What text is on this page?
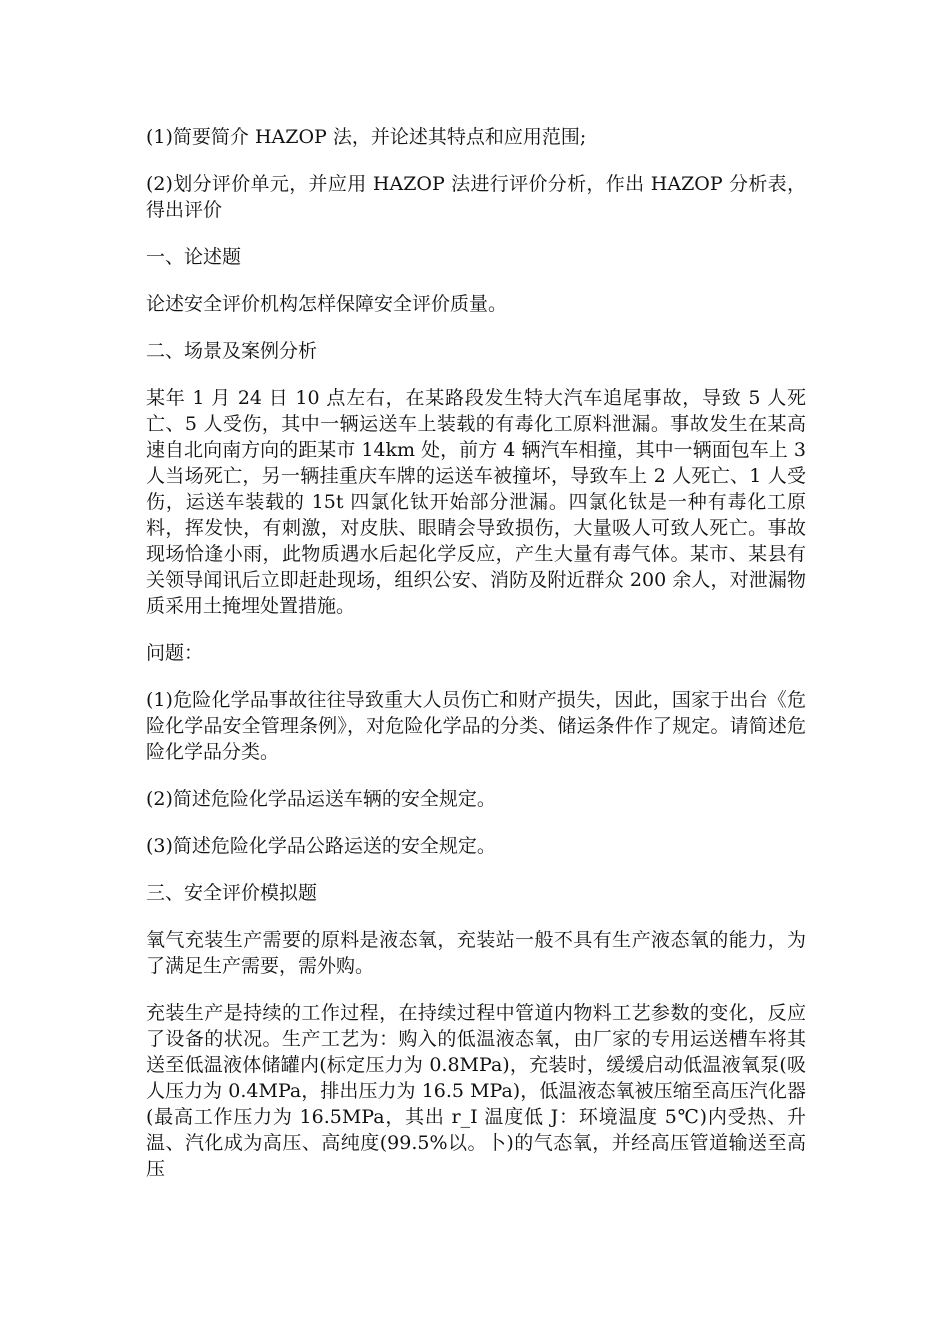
(1)简要简介 HAZOP 法，并论述其特点和应用范围;

(2)划分评价单元，并应用 HAZOP 法进行评价分析，作出 HAZOP 分析表，得出评价

一、论述题

论述安全评价机构怎样保障安全评价质量。

二、场景及案例分析

某年 1 月 24 日 10 点左右，在某路段发生特大汽车追尾事故，导致 5 人死亡、5 人受伤，其中一辆运送车上装载的有毒化工原料泄漏。事故发生在某高速自北向南方向的距某市 14km 处，前方 4 辆汽车相撞，其中一辆面包车上 3 人当场死亡，另一辆挂重庆车牌的运送车被撞坏，导致车上 2 人死亡、1 人受伤，运送车装载的 15t 四氯化钛开始部分泄漏。四氯化钛是一种有毒化工原料，挥发快，有刺激，对皮肤、眼睛会导致损伤，大量吸人可致人死亡。事故现场恰逢小雨，此物质遇水后起化学反应，产生大量有毒气体。某市、某县有关领导闻讯后立即赶赴现场，组织公安、消防及附近群众 200 余人，对泄漏物质采用土掩埋处置措施。

问题：

(1)危险化学品事故往往导致重大人员伤亡和财产损失，因此，国家于出台《危险化学品安全管理条例》，对危险化学品的分类、储运条件作了规定。请简述危险化学品分类。

(2)简述危险化学品运送车辆的安全规定。

(3)简述危险化学品公路运送的安全规定。

三、安全评价模拟题

氧气充装生产需要的原料是液态氧，充装站一般不具有生产液态氧的能力，为了满足生产需要，需外购。

充装生产是持续的工作过程，在持续过程中管道内物料工艺参数的变化，反应了设备的状况。生产工艺为：购入的低温液态氧，由厂家的专用运送槽车将其送至低温液体储罐内(标定压力为 0.8MPa)，充装时，缓缓启动低温液氧泵(吸人压力为 0.4MPa，排出压力为 16.5 MPa)，低温液态氧被压缩至高压汽化器(最高工作压力为 16.5MPa，其出 r_I 温度低 J：环境温度 5℃)内受热、升温、汽化成为高压、高纯度(99.5%以。卜)的气态氧，并经高压管道输送至高压
